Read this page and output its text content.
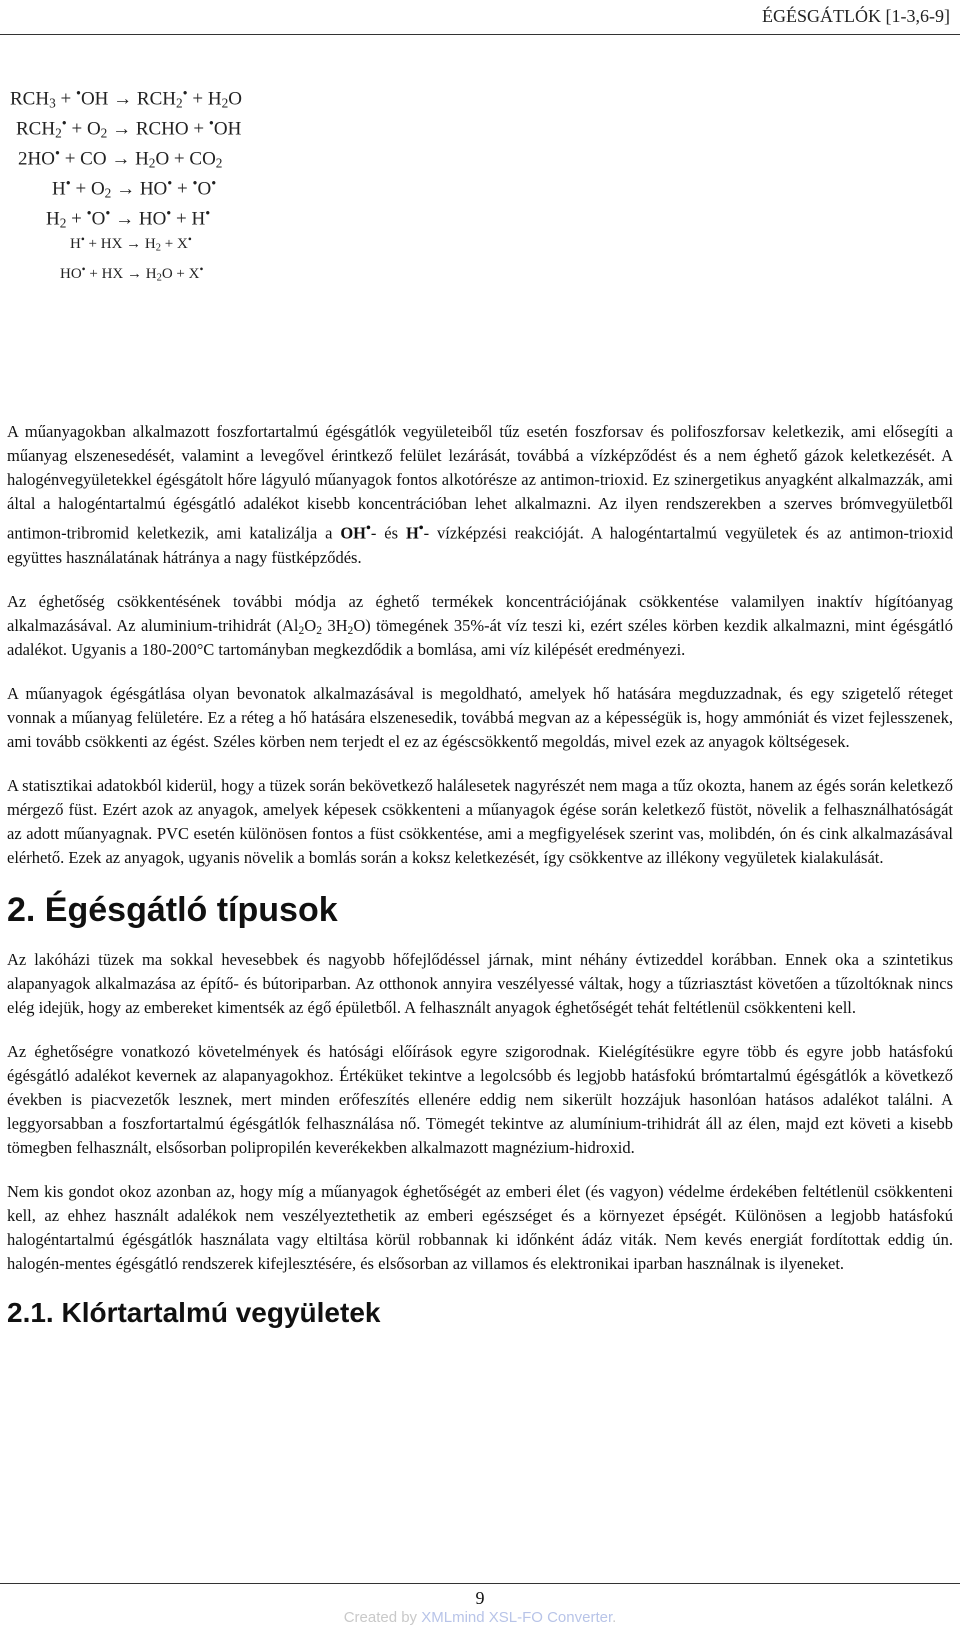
ÉGÉSGÁTLÓK [1-3,6-9]
$RCH_3 + ^•OH \to RCH_2^• + H_2O$
$RCH_2^• + O_2$ → RCHO + •OH
2HO• + CO → $H_2O + CO_2$
$H^• + O_2 \to HO^• + ^•O^•$
$H_2 + ^•O^• \to HO^• + H^•$
H• + HX → $H_2 + X^•$
HO• + HX → $H_2O + X^•$

A műanyagokban alkalmazott foszfortartalmú égésgátlók vegyületeiből tűz esetén foszforsav és polifoszforsav keletkezik, ami elősegíti a műanyag elszenesedését, valamint a levegővel érintkező felület lezárását, továbbá a vízképződést és a nem éghető gázok keletkezését. A halogénvegyületekkel égésgátolt hőre lágyuló műanyagok fontos alkotórésze az antimon-trioxid. Ez szinergetikus anyagként alkalmazzák, ami által a halogéntartalmú égésgátló adalékot kisebb koncentrációban lehet alkalmazni. Az ilyen rendszerekben a szerves brómvegyületből antimon-tribromid keletkezik, ami katalizálja a OH•- és H•- vízképzési reakcióját. A halogéntartalmú vegyületek és az antimon-trioxid együttes használatának hátránya a nagy füstképződés.

Az éghetőség csökkentésének további módja az éghető termékek koncentrációjának csökkentése valamilyen inaktív hígítóanyag alkalmazásával. Az aluminium-trihidrát ($Al_2O_2$ $3H_2O$) tömegének 35%-át víz teszi ki, ezért széles körben kezdik alkalmazni, mint égésgátló adalékot. Ugyanis a 180-200°C tartományban megkezdődik a bomlása, ami víz kilépését eredményezi.

A műanyagok égésgátlása olyan bevonatok alkalmazásával is megoldható, amelyek hő hatására megduzzadnak, és egy szigetelő réteget vonnak a műanyag felületére. Ez a réteg a hő hatására elszenesedik, továbbá megvan az a képességük is, hogy ammóniát és vizet fejlesszenek, ami tovább csökkenti az égést. Széles körben nem terjedt el ez az égéscsökkentő megoldás, mivel ezek az anyagok költségesek.

A statisztikai adatokból kiderül, hogy a tüzek során bekövetkező halálesetek nagyrészét nem maga a tűz okozta, hanem az égés során keletkező mérgező füst. Ezért azok az anyagok, amelyek képesek csökkenteni a műanyagok égése során keletkező füstöt, növelik a felhasználhatóságát az adott műanyagnak. PVC esetén különösen fontos a füst csökkentése, ami a megfigyelések szerint vas, molibdén, ón és cink alkalmazásával elérhető. Ezek az anyagok, ugyanis növelik a bomlás során a koksz keletkezését, így csökkentve az illékony vegyületek kialakulását.

2. Égésgátló típusok

Az lakóházi tüzek ma sokkal hevesebbek és nagyobb hőfejlődéssel járnak, mint néhány évtizeddel korábban. Ennek oka a szintetikus alapanyagok alkalmazása az építő- és bútoriparban. Az otthonok annyira veszélyessé váltak, hogy a tűzriasztást követően a tűzoltóknak nincs elég idejük, hogy az embereket kimentsék az égő épületből. A felhasznált anyagok éghetőségét tehát feltétlenül csökkenteni kell.

Az éghetőségre vonatkozó követelmények és hatósági előírások egyre szigorodnak. Kielégítésükre egyre több és egyre jobb hatásfokú égésgátló adalékot kevernek az alapanyagokhoz. Értéküket tekintve a legolcsóbb és legjobb hatásfokú brómtartalmú égésgátlók a következő években is piacvezetők lesznek, mert minden erőfeszítés ellenére eddig nem sikerült hozzájuk hasonlóan hatásos adalékot találni. A leggyorsabban a foszfortartalmú égésgátlók felhasználása nő. Tömegét tekintve az alumínium-trihidrát áll az élen, majd ezt követi a kisebb tömegben felhasznált, elsősorban polipropilén keverékekben alkalmazott magnézium-hidroxid.

Nem kis gondot okoz azonban az, hogy míg a műanyagok éghetőségét az emberi élet (és vagyon) védelme érdekében feltétlenül csökkenteni kell, az ehhez használt adalékok nem veszélyeztethetik az emberi egészséget és a környezet épségét. Különösen a legjobb hatásfokú halogéntartalmú égésgátlók használata vagy eltiltása körül robbannak ki időnként ádáz viták. Nem kevés energiát fordítottak eddig ún. halogén-mentes égésgátló rendszerek kifejlesztésére, és elsősorban az villamos és elektronikai iparban használnak is ilyeneket.

2.1. Klórtartalmú vegyületek
9
Created by XMLmind XSL-FO Converter.
